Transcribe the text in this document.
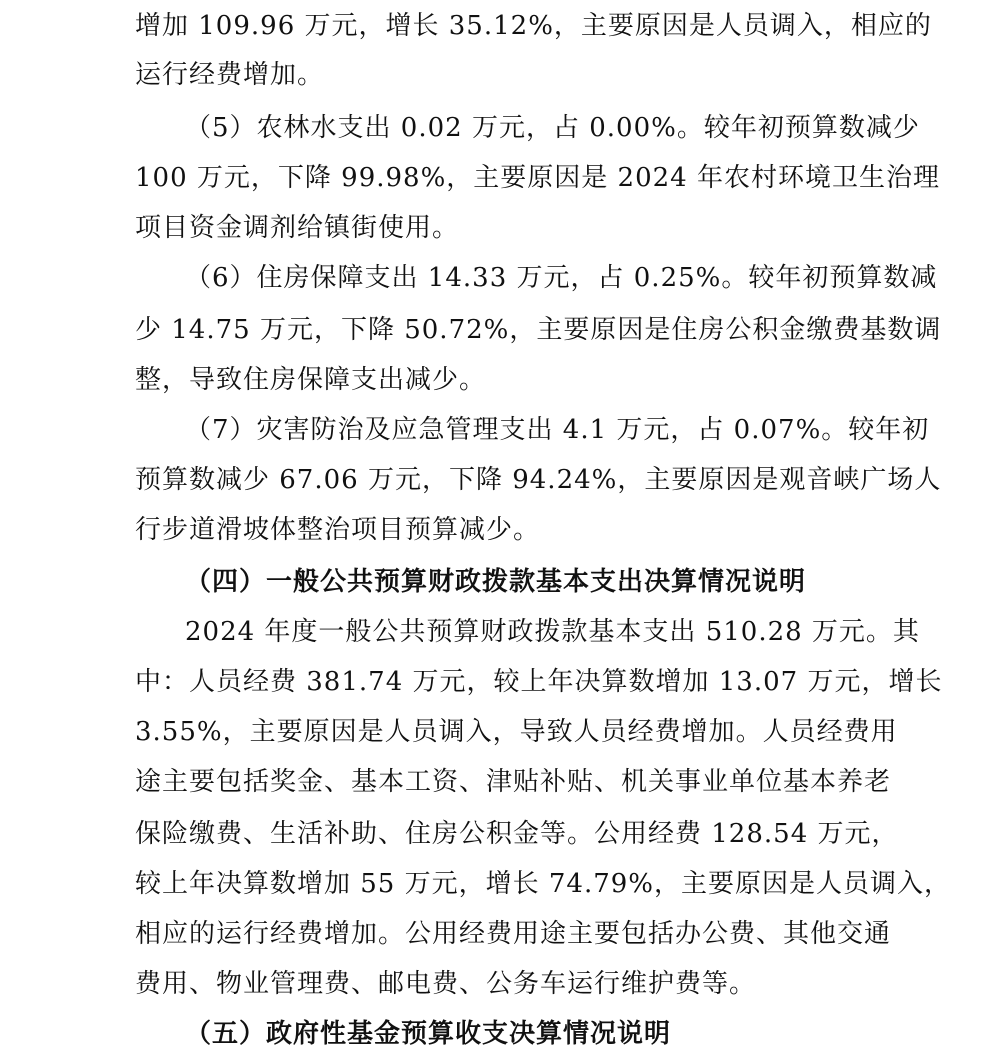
增加 109.96 万元，增长 35.12%，主要原因是人员调入，相应的
运行经费增加。
（5）农林水支出 0.02 万元，占 0.00%。较年初预算数减少
100 万元，下降 99.98%，主要原因是 2024 年农村环境卫生治理
项目资金调剂给镇街使用。
（6）住房保障支出 14.33 万元，占 0.25%。较年初预算数减
少 14.75 万元，下降 50.72%，主要原因是住房公积金缴费基数调
整，导致住房保障支出减少。
（7）灾害防治及应急管理支出 4.1 万元，占 0.07%。较年初
预算数减少 67.06 万元，下降 94.24%，主要原因是观音峡广场人
行步道滑坡体整治项目预算减少。
（四）一般公共预算财政拨款基本支出决算情况说明
2024 年度一般公共预算财政拨款基本支出 510.28 万元。其
中：人员经费 381.74 万元，较上年决算数增加 13.07 万元，增长
3.55%，主要原因是人员调入，导致人员经费增加。人员经费用
途主要包括奖金、基本工资、津贴补贴、机关事业单位基本养老
保险缴费、生活补助、住房公积金等。公用经费 128.54 万元，
较上年决算数增加 55 万元，增长 74.79%，主要原因是人员调入，
相应的运行经费增加。公用经费用途主要包括办公费、其他交通
费用、物业管理费、邮电费、公务车运行维护费等。
（五）政府性基金预算收支决算情况说明
